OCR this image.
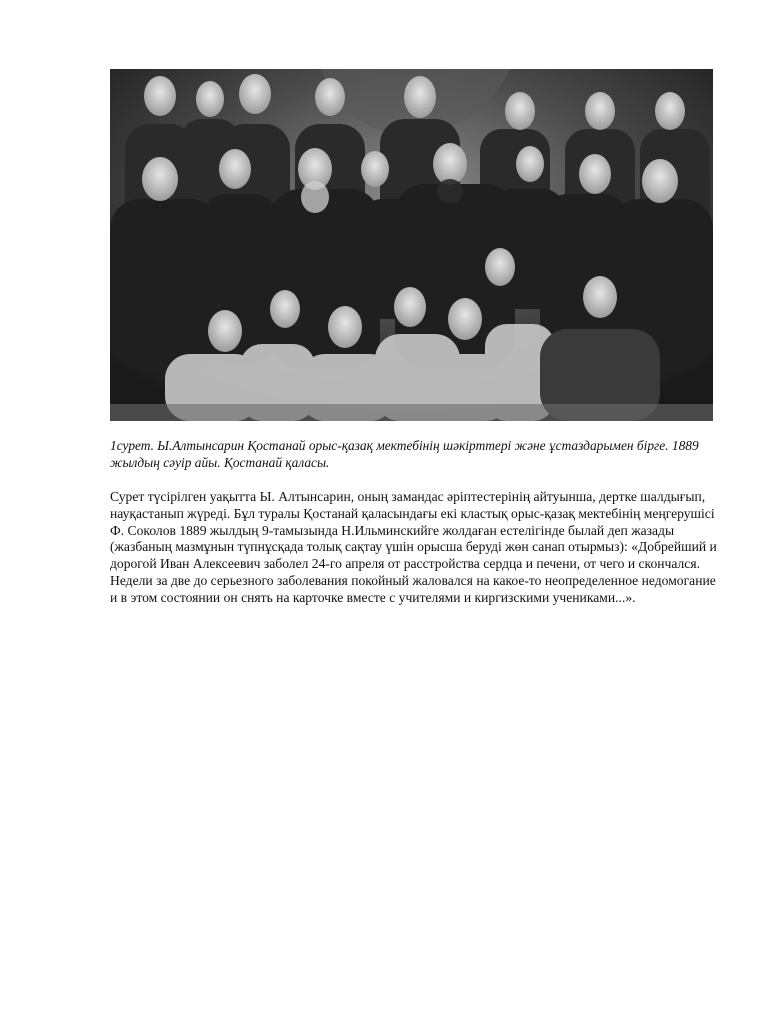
1сурет. Ы.Алтынсарин Қостанай орыс-қазақ мектебінің шәкірттері және ұстаздарымен бірге. 1889 жылдың сәуір айы. Қостанай қаласы.

Сурет түсірілген уақытта Ы. Алтынсарин, оның замандас әріптестерінің айтуынша, дертке шалдығып, науқастанып жүреді. Бұл туралы Қостанай қаласындағы екі кластық орыс-қазақ мектебінің меңгерушісі Ф. Соколов 1889 жылдың 9-тамызында Н.Ильминскийге жолдаған естелігінде былай деп жазады (жазбаның мазмұнын түпнұсқада толық сақтау үшін орысша беруді жөн санап отырмыз): «Добрейший и дорогой Иван Алексеевич заболел 24-го апреля от расстройства сердца и печени, от чего и скончался. Недели за две до серьезного заболевания покойный жаловался на какое-то неопределенное недомогание и в этом состоянии он снять на карточке вместе с учителями и киргизскими учениками...».
